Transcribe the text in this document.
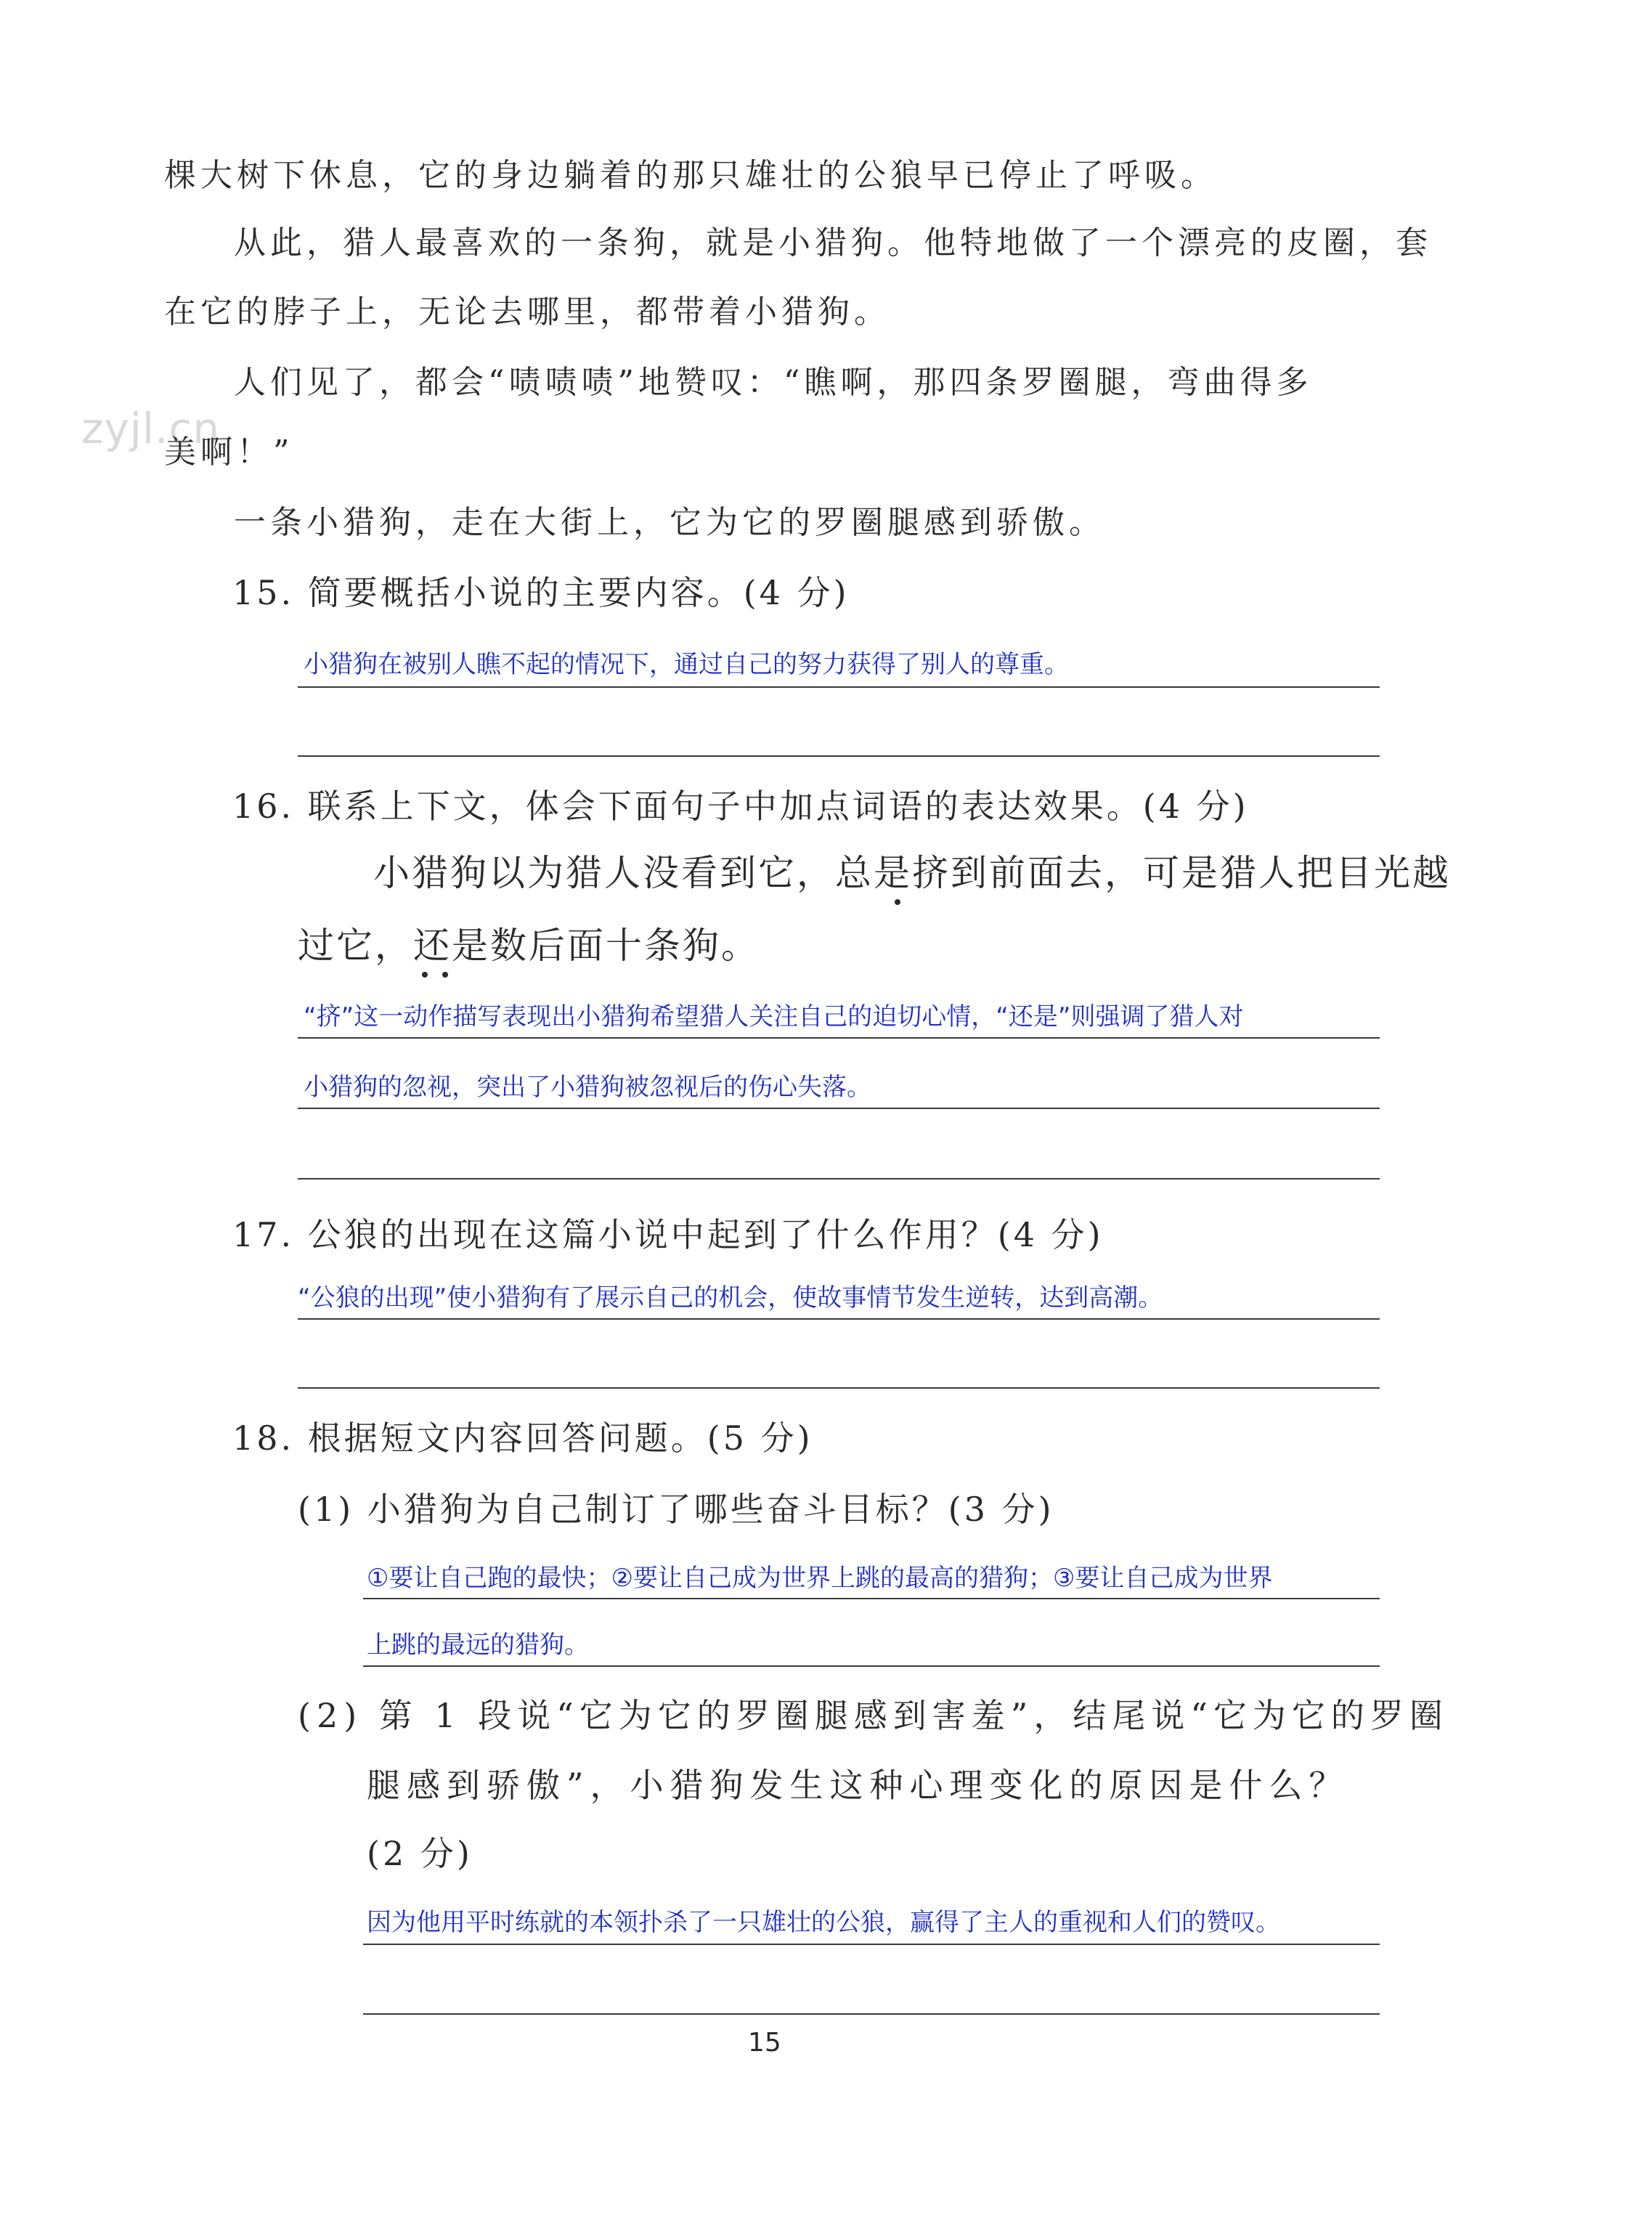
zyjl.cn
棵大树下休息，它的身边躺着的那只雄壮的公狼早已停止了呼吸。
从此，猎人最喜欢的一条狗，就是小猎狗。他特地做了一个漂亮的皮圈，套
在它的脖子上，无论去哪里，都带着小猎狗。
人们见了，都会“啧啧啧”地赞叹：“瞧啊，那四条罗圈腿，弯曲得多
美啊！”
一条小猎狗，走在大街上，它为它的罗圈腿感到骄傲。
15. 简要概括小说的主要内容。(4 分)
小猎狗在被别人瞧不起的情况下，通过自己的努力获得了别人的尊重。
16. 联系上下文，体会下面句子中加点词语的表达效果。(4 分)
小猎狗以为猎人没看到它，总是挤到前面去，可是猎人把目光越
过它，还是数后面十条狗。
“挤”这一动作描写表现出小猎狗希望猎人关注自己的迫切心情，“还是”则强调了猎人对
小猎狗的忽视，突出了小猎狗被忽视后的伤心失落。
17. 公狼的出现在这篇小说中起到了什么作用？(4 分)
“公狼的出现”使小猎狗有了展示自己的机会，使故事情节发生逆转，达到高潮。
18. 根据短文内容回答问题。(5 分)
(1) 小猎狗为自己制订了哪些奋斗目标？(3 分)
①要让自己跑的最快；②要让自己成为世界上跳的最高的猎狗；③要让自己成为世界
上跳的最远的猎狗。
(2) 第 1 段说“它为它的罗圈腿感到害羞”，结尾说“它为它的罗圈
腿感到骄傲”，小猎狗发生这种心理变化的原因是什么？
(2 分)
因为他用平时练就的本领扑杀了一只雄壮的公狼，赢得了主人的重视和人们的赞叹。
15
